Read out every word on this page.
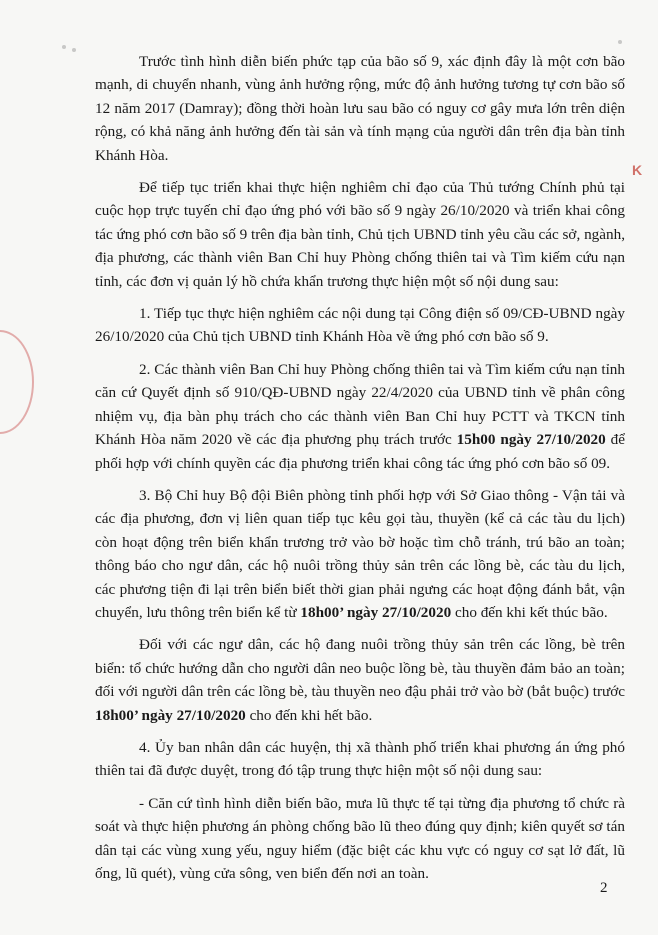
K

Trước tình hình diễn biến phức tạp của bão số 9, xác định đây là một cơn bão mạnh, di chuyển nhanh, vùng ảnh hưởng rộng, mức độ ảnh hưởng tương tự cơn bão số 12 năm 2017 (Damray); đồng thời hoàn lưu sau bão có nguy cơ gây mưa lớn trên diện rộng, có khả năng ảnh hưởng đến tài sản và tính mạng của người dân trên địa bàn tỉnh Khánh Hòa.

Để tiếp tục triển khai thực hiện nghiêm chỉ đạo của Thủ tướng Chính phủ tại cuộc họp trực tuyến chỉ đạo ứng phó với bão số 9 ngày 26/10/2020 và triển khai công tác ứng phó cơn bão số 9 trên địa bàn tỉnh, Chủ tịch UBND tỉnh yêu cầu các sở, ngành, địa phương, các thành viên Ban Chỉ huy Phòng chống thiên tai và Tìm kiếm cứu nạn tỉnh, các đơn vị quản lý hồ chứa khẩn trương thực hiện một số nội dung sau:

1. Tiếp tục thực hiện nghiêm các nội dung tại Công điện số 09/CĐ-UBND ngày 26/10/2020 của Chủ tịch UBND tỉnh Khánh Hòa về ứng phó cơn bão số 9.

2. Các thành viên Ban Chỉ huy Phòng chống thiên tai và Tìm kiếm cứu nạn tỉnh căn cứ Quyết định số 910/QĐ-UBND ngày 22/4/2020 của UBND tỉnh về phân công nhiệm vụ, địa bàn phụ trách cho các thành viên Ban Chỉ huy PCTT và TKCN tỉnh Khánh Hòa năm 2020 về các địa phương phụ trách trước 15h00 ngày 27/10/2020 để phối hợp với chính quyền các địa phương triển khai công tác ứng phó cơn bão số 09.

3. Bộ Chỉ huy Bộ đội Biên phòng tỉnh phối hợp với Sở Giao thông - Vận tải và các địa phương, đơn vị liên quan tiếp tục kêu gọi tàu, thuyền (kể cả các tàu du lịch) còn hoạt động trên biển khẩn trương trở vào bờ hoặc tìm chỗ tránh, trú bão an toàn; thông báo cho ngư dân, các hộ nuôi trồng thủy sản trên các lồng bè, các tàu du lịch, các phương tiện đi lại trên biển biết thời gian phải ngưng các hoạt động đánh bắt, vận chuyển, lưu thông trên biển kể từ 18h00’ ngày 27/10/2020 cho đến khi kết thúc bão.

Đối với các ngư dân, các hộ đang nuôi trồng thủy sản trên các lồng, bè trên biển: tổ chức hướng dẫn cho người dân neo buộc lồng bè, tàu thuyền đảm bảo an toàn; đối với người dân trên các lồng bè, tàu thuyền neo đậu phải trở vào bờ (bắt buộc) trước 18h00’ ngày 27/10/2020 cho đến khi hết bão.

4. Ủy ban nhân dân các huyện, thị xã thành phố triển khai phương án ứng phó thiên tai đã được duyệt, trong đó tập trung thực hiện một số nội dung sau:

- Căn cứ tình hình diễn biến bão, mưa lũ thực tế tại từng địa phương tổ chức rà soát và thực hiện phương án phòng chống bão lũ theo đúng quy định; kiên quyết sơ tán dân tại các vùng xung yếu, nguy hiểm (đặc biệt các khu vực có nguy cơ sạt lở đất, lũ ống, lũ quét), vùng cửa sông, ven biển đến nơi an toàn.

2
